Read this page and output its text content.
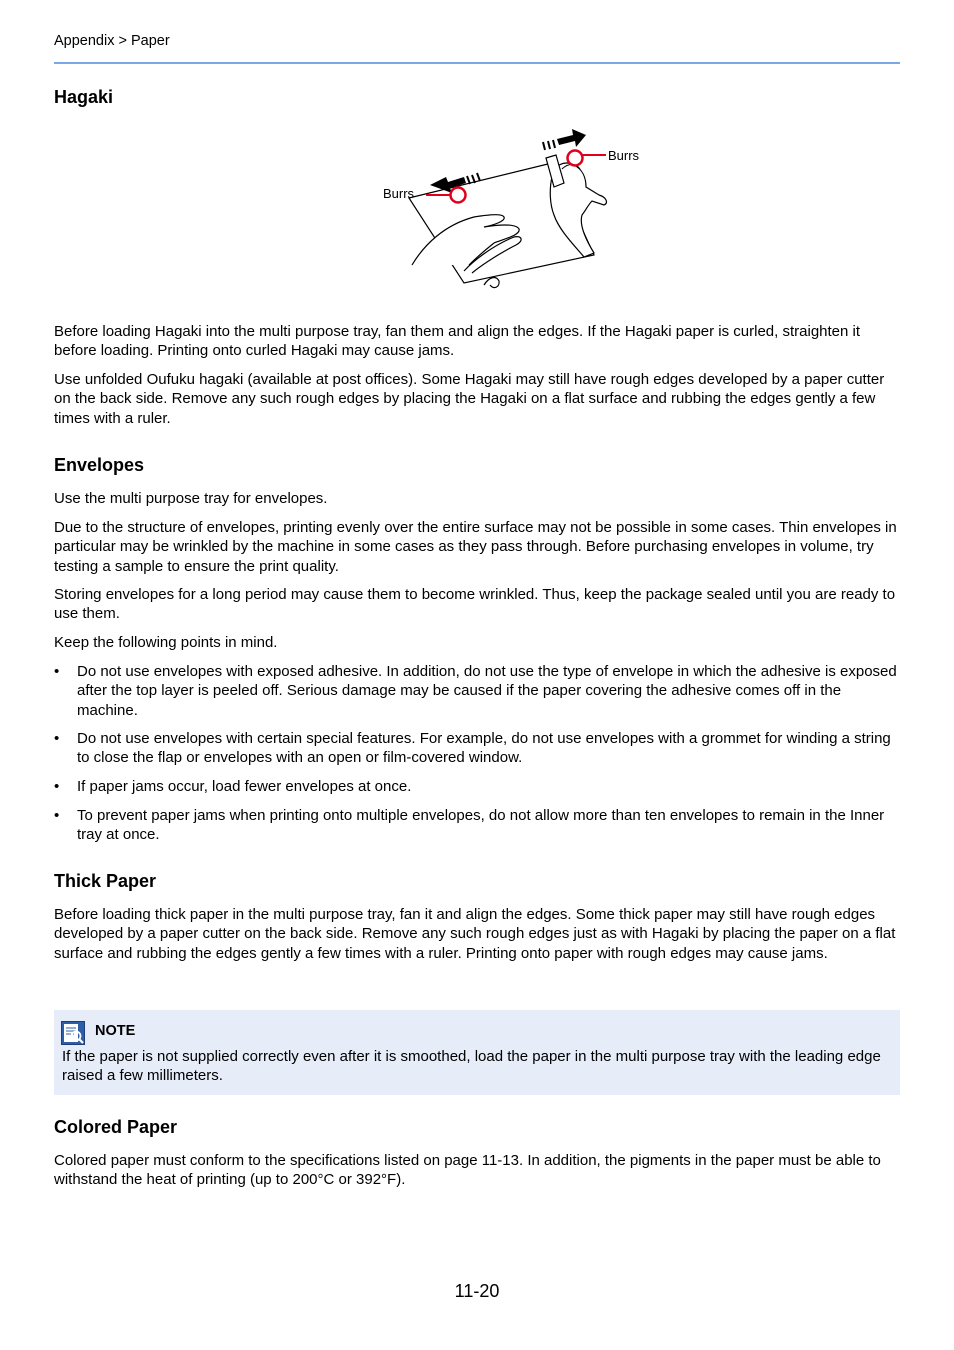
Appendix > Paper
Hagaki
Burrs
Burrs

Before loading Hagaki into the multi purpose tray, fan them and align the edges. If the Hagaki paper is curled, straighten it before loading. Printing onto curled Hagaki may cause jams.

Use unfolded Oufuku hagaki (available at post offices). Some Hagaki may still have rough edges developed by a paper cutter on the back side. Remove any such rough edges by placing the Hagaki on a flat surface and rubbing the edges gently a few times with a ruler.

Envelopes

Use the multi purpose tray for envelopes.

Due to the structure of envelopes, printing evenly over the entire surface may not be possible in some cases. Thin envelopes in particular may be wrinkled by the machine in some cases as they pass through. Before purchasing envelopes in volume, try testing a sample to ensure the print quality.

Storing envelopes for a long period may cause them to become wrinkled. Thus, keep the package sealed until you are ready to use them.

Keep the following points in mind.

• Do not use envelopes with exposed adhesive. In addition, do not use the type of envelope in which the adhesive is exposed after the top layer is peeled off. Serious damage may be caused if the paper covering the adhesive comes off in the machine.
• Do not use envelopes with certain special features. For example, do not use envelopes with a grommet for winding a string to close the flap or envelopes with an open or film-covered window.
• If paper jams occur, load fewer envelopes at once.
• To prevent paper jams when printing onto multiple envelopes, do not allow more than ten envelopes to remain in the Inner tray at once.
Thick Paper

Before loading thick paper in the multi purpose tray, fan it and align the edges. Some thick paper may still have rough edges developed by a paper cutter on the back side. Remove any such rough edges just as with Hagaki by placing the paper on a flat surface and rubbing the edges gently a few times with a ruler. Printing onto paper with rough edges may cause jams.

NOTE
If the paper is not supplied correctly even after it is smoothed, load the paper in the multi purpose tray with the leading edge raised a few millimeters.
Colored Paper

Colored paper must conform to the specifications listed on page 11-13. In addition, the pigments in the paper must be able to withstand the heat of printing (up to 200°C or 392°F).

11-20
